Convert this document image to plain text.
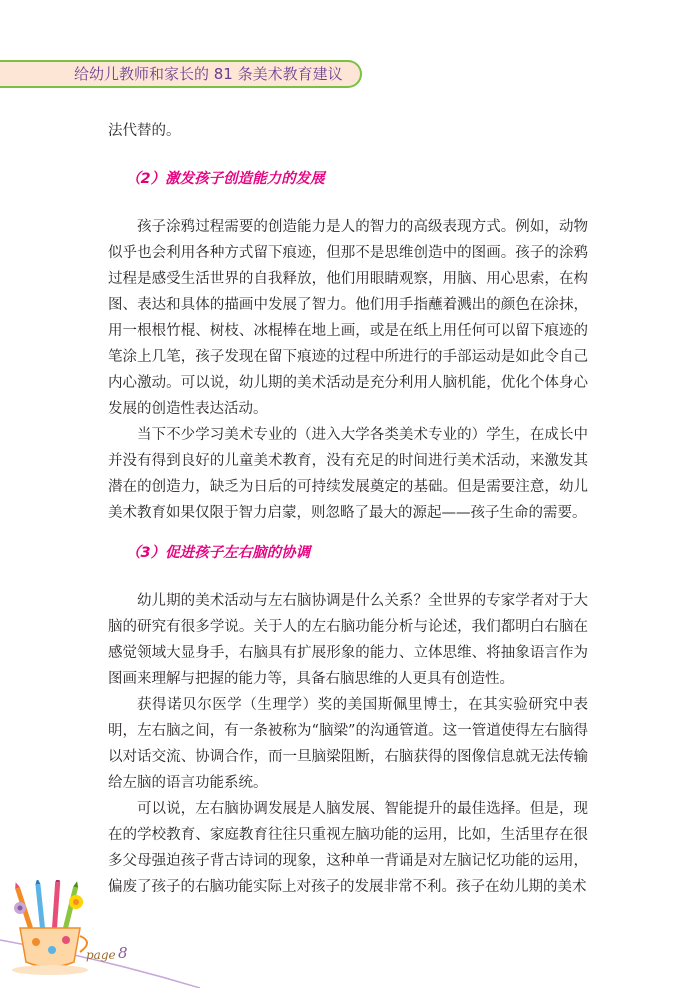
给幼儿教师和家长的 81 条美术教育建议

法代替的。

（2）激发孩子创造能力的发展

孩子涂鸦过程需要的创造能力是人的智力的高级表现方式。例如，动物似乎也会利用各种方式留下痕迹，但那不是思维创造中的图画。孩子的涂鸦过程是感受生活世界的自我释放，他们用眼睛观察，用脑、用心思索，在构图、表达和具体的描画中发展了智力。他们用手指蘸着溅出的颜色在涂抹，用一根根竹棍、树枝、冰棍棒在地上画，或是在纸上用任何可以留下痕迹的笔涂上几笔，孩子发现在留下痕迹的过程中所进行的手部运动是如此令自己内心激动。可以说，幼儿期的美术活动是充分利用人脑机能，优化个体身心发展的创造性表达活动。

当下不少学习美术专业的（进入大学各类美术专业的）学生，在成长中并没有得到良好的儿童美术教育，没有充足的时间进行美术活动，来激发其潜在的创造力，缺乏为日后的可持续发展奠定的基础。但是需要注意，幼儿美术教育如果仅限于智力启蒙，则忽略了最大的源起——孩子生命的需要。

（3）促进孩子左右脑的协调

幼儿期的美术活动与左右脑协调是什么关系？全世界的专家学者对于大脑的研究有很多学说。关于人的左右脑功能分析与论述，我们都明白右脑在感觉领域大显身手，右脑具有扩展形象的能力、立体思维、将抽象语言作为图画来理解与把握的能力等，具备右脑思维的人更具有创造性。

获得诺贝尔医学（生理学）奖的美国斯佩里博士，在其实验研究中表明，左右脑之间，有一条被称为“脑梁”的沟通管道。这一管道使得左右脑得以对话交流、协调合作，而一旦脑梁阻断，右脑获得的图像信息就无法传输给左脑的语言功能系统。

可以说，左右脑协调发展是人脑发展、智能提升的最佳选择。但是，现在的学校教育、家庭教育往往只重视左脑功能的运用，比如，生活里存在很多父母强迫孩子背古诗词的现象，这种单一背诵是对左脑记忆功能的运用，偏废了孩子的右脑功能实际上对孩子的发展非常不利。孩子在幼儿期的美术

page 8
